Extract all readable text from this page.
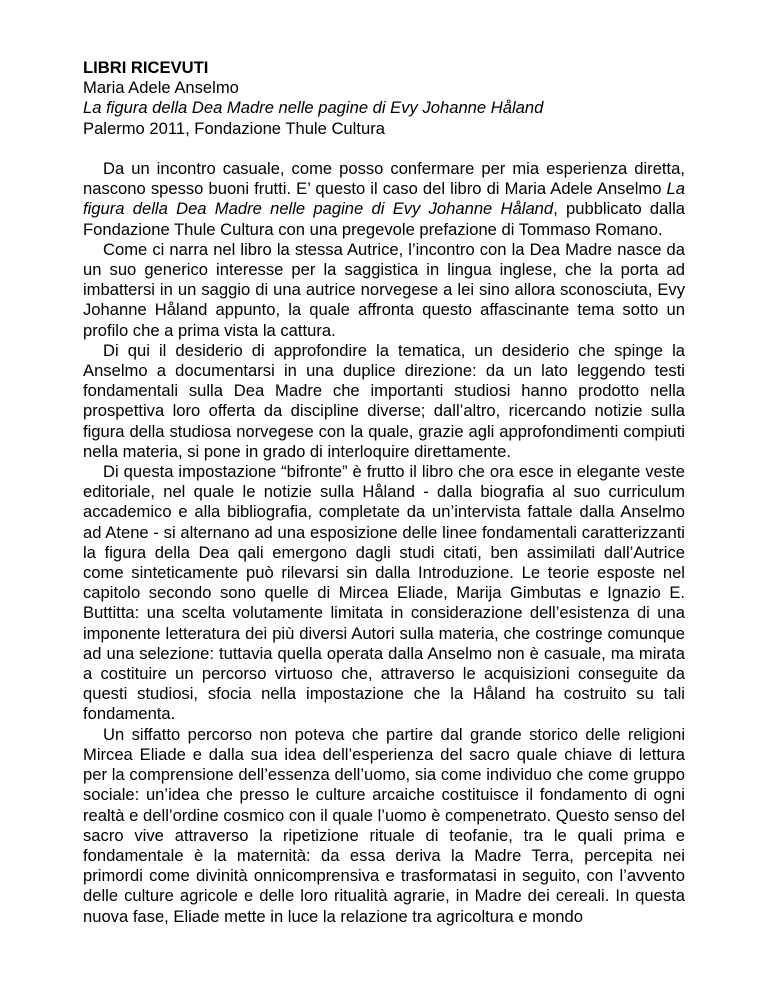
LIBRI RICEVUTI

Maria Adele Anselmo

La figura della Dea Madre nelle pagine di Evy Johanne Håland

Palermo 2011, Fondazione Thule Cultura

Da un incontro casuale, come posso confermare per mia esperienza diretta, nascono spesso buoni frutti. E’ questo il caso del libro di Maria Adele Anselmo La figura della Dea Madre nelle pagine di Evy Johanne Håland, pubblicato dalla Fondazione Thule Cultura con una pregevole prefazione di Tommaso Romano.

Come ci narra nel libro la stessa Autrice, l’incontro con la Dea Madre nasce da un suo generico interesse per la saggistica in lingua inglese, che la porta ad imbattersi in un saggio di una autrice norvegese a lei sino allora sconosciuta, Evy Johanne Håland appunto, la quale affronta questo affascinante tema sotto un profilo che a prima vista la cattura.

Di qui il desiderio di approfondire la tematica, un desiderio che spinge la Anselmo a documentarsi in una duplice direzione: da un lato leggendo testi fondamentali sulla Dea Madre che importanti studiosi hanno prodotto nella prospettiva loro offerta da discipline diverse; dall’altro, ricercando notizie sulla figura della studiosa norvegese con la quale, grazie agli approfondimenti compiuti nella materia, si pone in grado di interloquire direttamente.

Di questa impostazione “bifronte” è frutto il libro che ora esce in elegante veste editoriale, nel quale le notizie sulla Håland - dalla biografia al suo curriculum accademico e alla bibliografia, completate da un’intervista fattale dalla Anselmo ad Atene - si alternano ad una esposizione delle linee fondamentali caratterizzanti la figura della Dea qali emergono dagli studi citati, ben assimilati dall’Autrice come sinteticamente può rilevarsi sin dalla Introduzione. Le teorie esposte nel capitolo secondo sono quelle di Mircea Eliade, Marija Gimbutas e Ignazio E. Buttitta: una scelta volutamente limitata in considerazione dell’esistenza di una imponente letteratura dei più diversi Autori sulla materia, che costringe comunque ad una selezione: tuttavia quella operata dalla Anselmo non è casuale, ma mirata a costituire un percorso virtuoso che, attraverso le acquisizioni conseguite da questi studiosi, sfocia nella impostazione che la Håland ha costruito su tali fondamenta.

Un siffatto percorso non poteva che partire dal grande storico delle religioni Mircea Eliade e dalla sua idea dell’esperienza del sacro quale chiave di lettura per la comprensione dell’essenza dell’uomo, sia come individuo che come gruppo sociale: un’idea che presso le culture arcaiche costituisce il fondamento di ogni realtà e dell’ordine cosmico con il quale l’uomo è compenetrato. Questo senso del sacro vive attraverso la ripetizione rituale di teofanie, tra le quali prima e fondamentale è la maternità: da essa deriva la Madre Terra, percepita nei primordi come divinità onnicomprensiva e trasformatasi in seguito, con l’avvento delle culture agricole e delle loro ritualità agrarie, in Madre dei cereali. In questa nuova fase, Eliade mette in luce la relazione tra agricoltura e mondo
